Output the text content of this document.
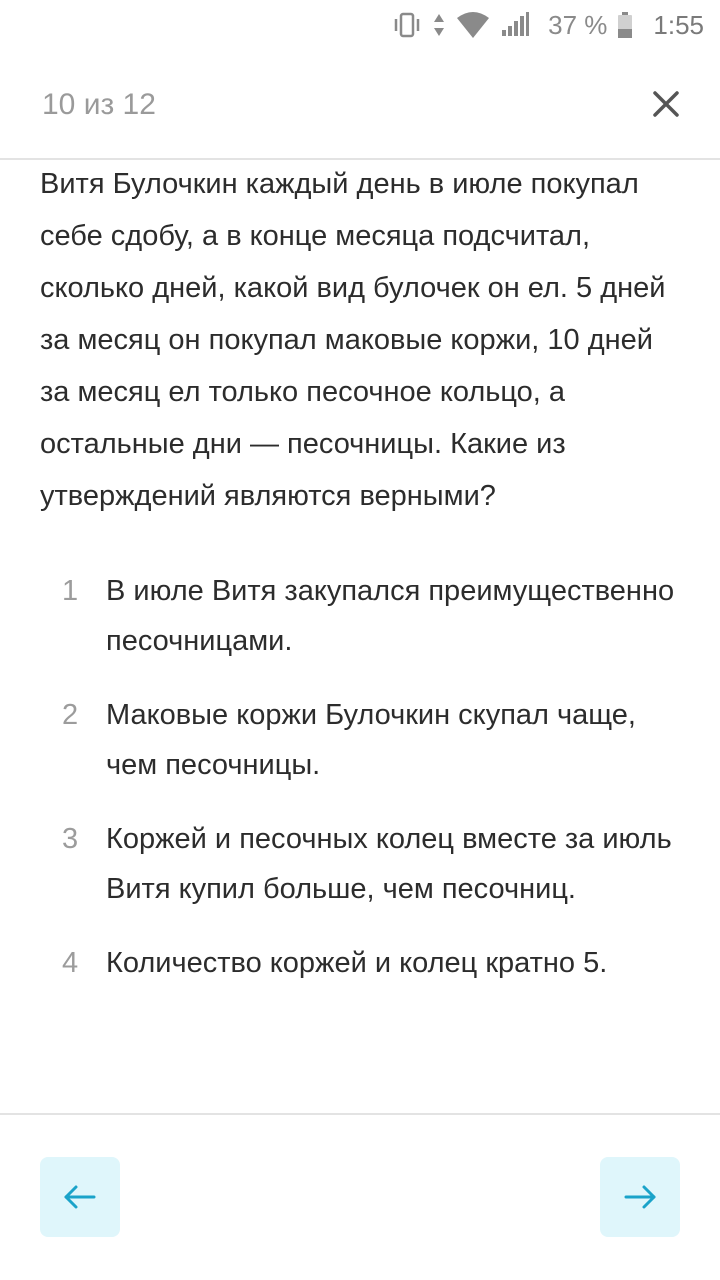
37 % 1:55
10 из 12
Витя Булочкин каждый день в июле покупал себе сдобу, а в конце месяца подсчитал, сколько дней, какой вид булочек он ел. 5 дней за месяц он покупал маковые коржи, 10 дней за месяц ел только песочное кольцо, а остальные дни — песочницы. Какие из утверждений являются верными?
1 В июле Витя закупался преимущественно песочницами.
2 Маковые коржи Булочкин скупал чаще, чем песочницы.
3 Коржей и песочных колец вместе за июль Витя купил больше, чем песочниц.
4 Количество коржей и колец кратно 5.
